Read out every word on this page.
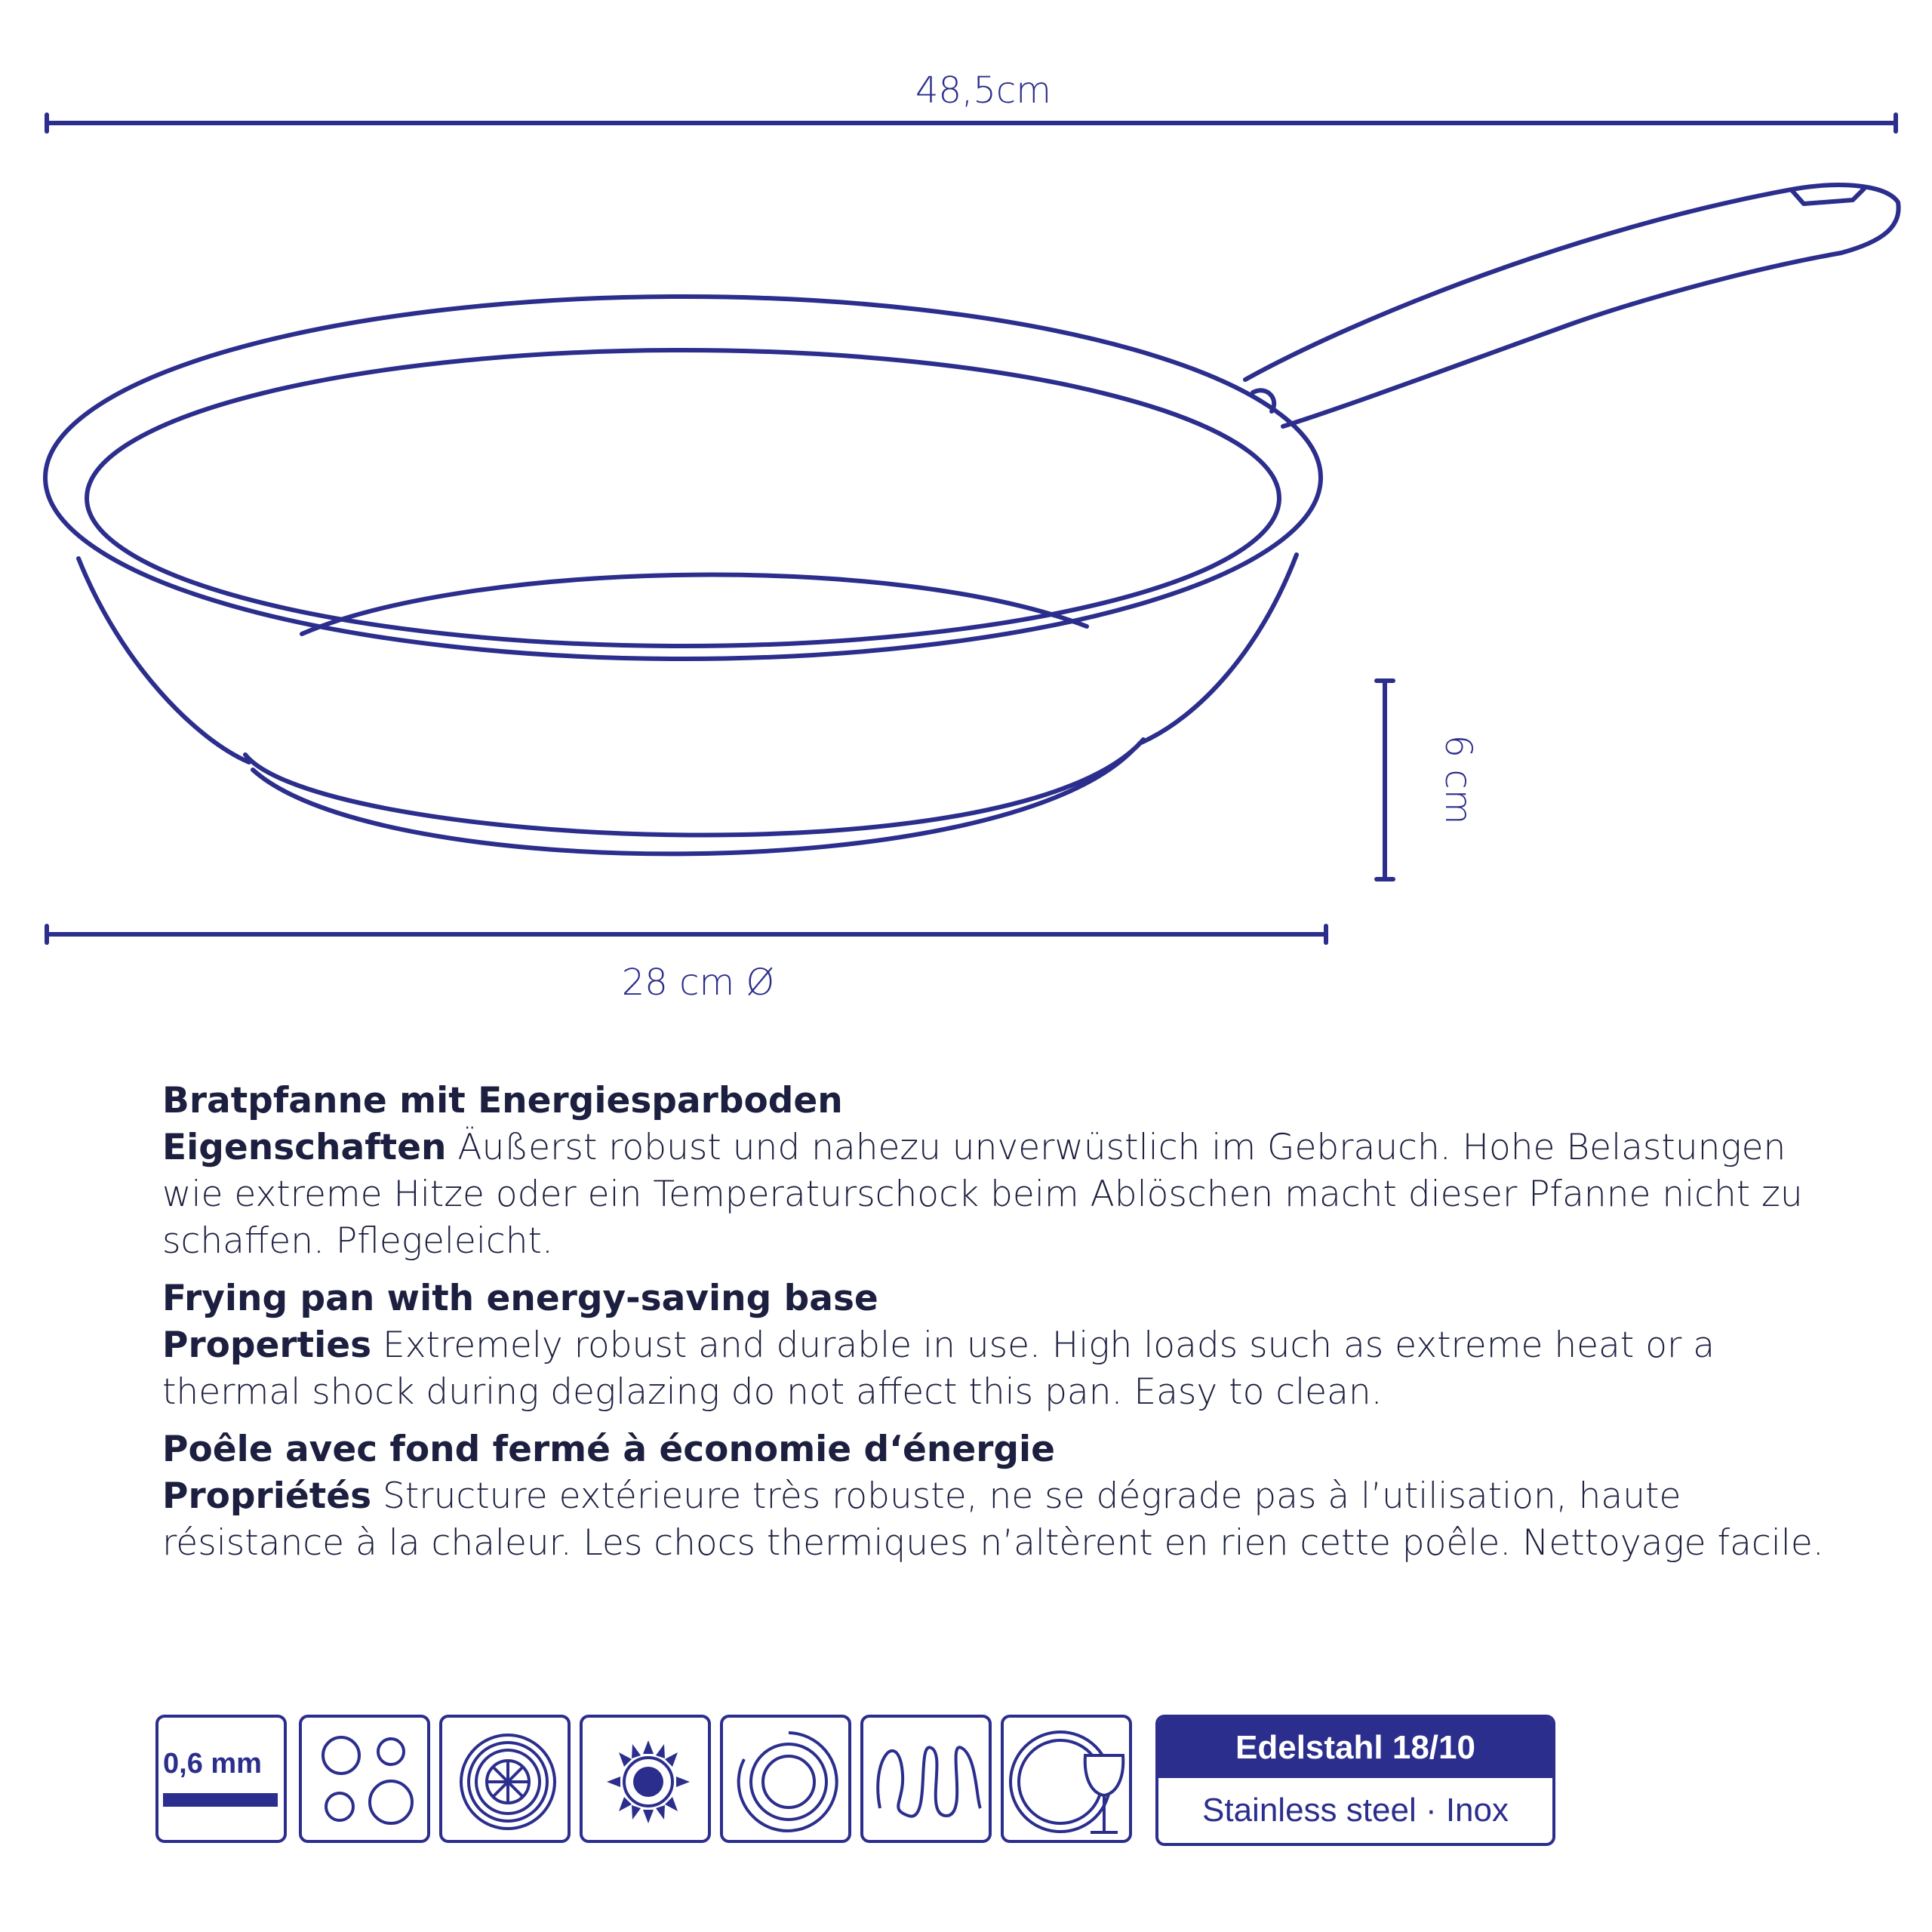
48,5cm
28 cm Ø
6 cm
Bratpfanne mit Energiesparboden
Eigenschaften Äußerst robust und nahezu unverwüstlich im Gebrauch. Hohe Belastungen wie extreme Hitze oder ein Temperaturschock beim Ablöschen macht dieser Pfanne nicht zu schaffen. Pflegeleicht.
Frying pan with energy-saving base
Properties Extremely robust and durable in use. High loads such as extreme heat or a thermal shock during deglazing do not affect this pan. Easy to clean.
Poêle avec fond fermé à économie d‘énergie
Propriétés Structure extérieure très robuste, ne se dégrade pas à l’utilisation, haute résistance à la chaleur. Les chocs thermiques n’altèrent en rien cette poêle. Nettoyage facile.
0,6 mm	Edelstahl 18/10
Stainless steel · Inox
